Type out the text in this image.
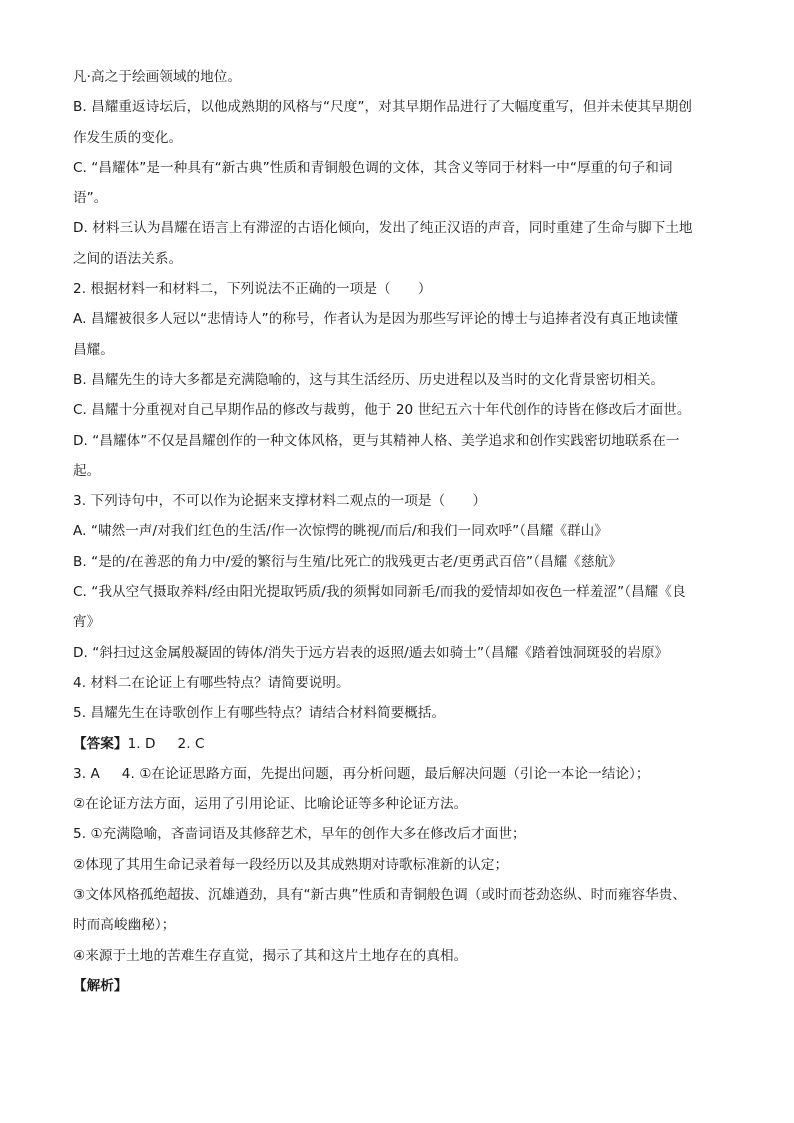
凡·高之于绘画领域的地位。
B. 昌耀重返诗坛后，以他成熟期的风格与“尺度”，对其早期作品进行了大幅度重写，但并未使其早期创
作发生质的变化。
C. “昌耀体”是一种具有“新古典”性质和青铜般色调的文体，其含义等同于材料一中“厚重的句子和词
语”。
D. 材料三认为昌耀在语言上有滞涩的古语化倾向，发出了纯正汉语的声音，同时重建了生命与脚下土地
之间的语法关系。
2. 根据材料一和材料二，下列说法不正确的一项是（　　）
A. 昌耀被很多人冠以“悲情诗人”的称号，作者认为是因为那些写评论的博士与追捧者没有真正地读懂
昌耀。
B. 昌耀先生的诗大多都是充满隐喻的，这与其生活经历、历史进程以及当时的文化背景密切相关。
C. 昌耀十分重视对自己早期作品的修改与裁剪，他于 20 世纪五六十年代创作的诗皆在修改后才面世。
D. “昌耀体”不仅是昌耀创作的一种文体风格，更与其精神人格、美学追求和创作实践密切地联系在一
起。
3. 下列诗句中，不可以作为论据来支撑材料二观点的一项是（　　）
A. “啸然一声/对我们红色的生活/作一次惊愕的眺视/而后/和我们一同欢呼”（昌耀《群山》
B. “是的/在善恶的角力中/爱的繁衍与生殖/比死亡的戕残更古老/更勇武百倍”（昌耀《慈航》
C. “我从空气摄取养料/经由阳光提取钙质/我的须髯如同新毛/而我的爱情却如夜色一样羞涩”（昌耀《良
宵》
D. “斜扫过这金属般凝固的铸体/消失于远方岩表的返照/遁去如骑士”（昌耀《踏着蚀洞斑驳的岩原》
4. 材料二在论证上有哪些特点？请简要说明。
5. 昌耀先生在诗歌创作上有哪些特点？请结合材料简要概括。
【答案】1. D 2. C
3. A 4. ①在论证思路方面，先提出问题，再分析问题，最后解决问题（引论一本论一结论）；
②在论证方法方面，运用了引用论证、比喻论证等多种论证方法。
5. ①充满隐喻，吝啬词语及其修辞艺术，早年的创作大多在修改后才面世；
②体现了其用生命记录着每一段经历以及其成熟期对诗歌标准新的认定；
③文体风格孤绝超拔、沉雄遒劲，具有“新古典”性质和青铜般色调（或时而苍劲恣纵、时而雍容华贵、
时而高峻幽秘）；
④来源于土地的苦难生存直觉，揭示了其和这片土地存在的真相。
【解析】
